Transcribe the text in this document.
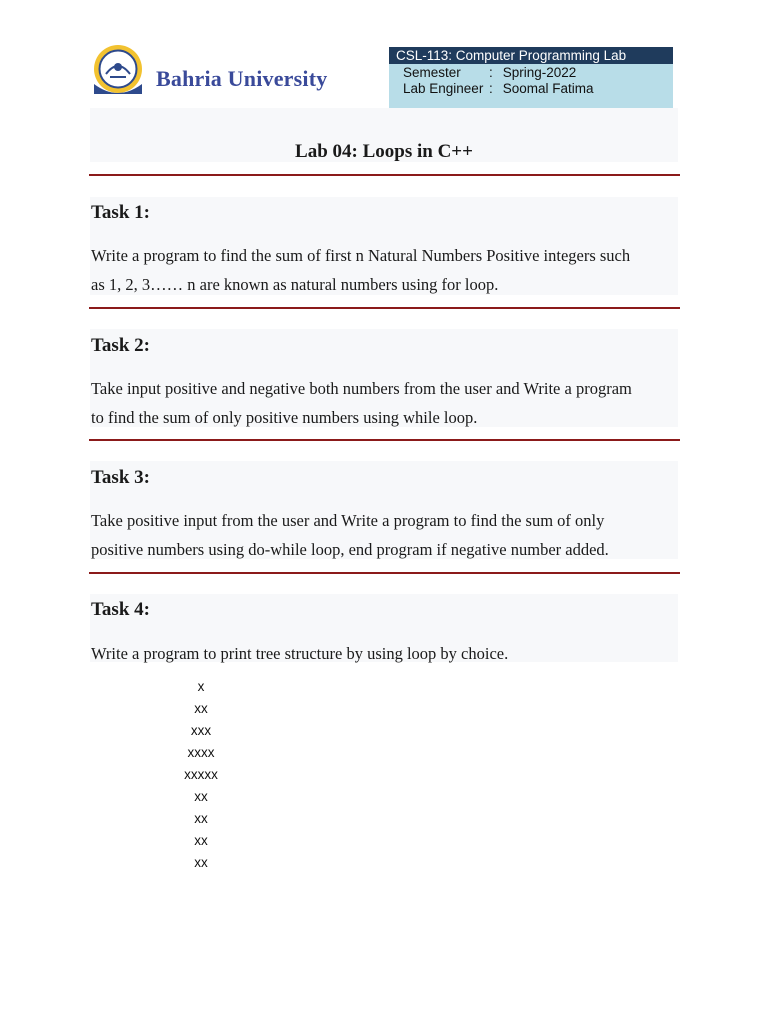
Bahria University
CSL-113: Computer Programming Lab
Semester : Spring-2022
Lab Engineer : Soomal Fatima
Lab 04: Loops in C++
Task 1:
Write a program to find the sum of first n Natural Numbers Positive integers such
as 1, 2, 3…… n are known as natural numbers using for loop.
Task 2:
Take input positive and negative both numbers from the user and Write a program
to find the sum of only positive numbers using while loop.
Task 3:
Take positive input from the user and Write a program to find the sum of only
positive numbers using do-while loop, end program if negative number added.
Task 4:
Write a program to print tree structure by using loop by choice.
x
xx
xxx
xxxx
xxxxx
xx
xx
xx
xx
